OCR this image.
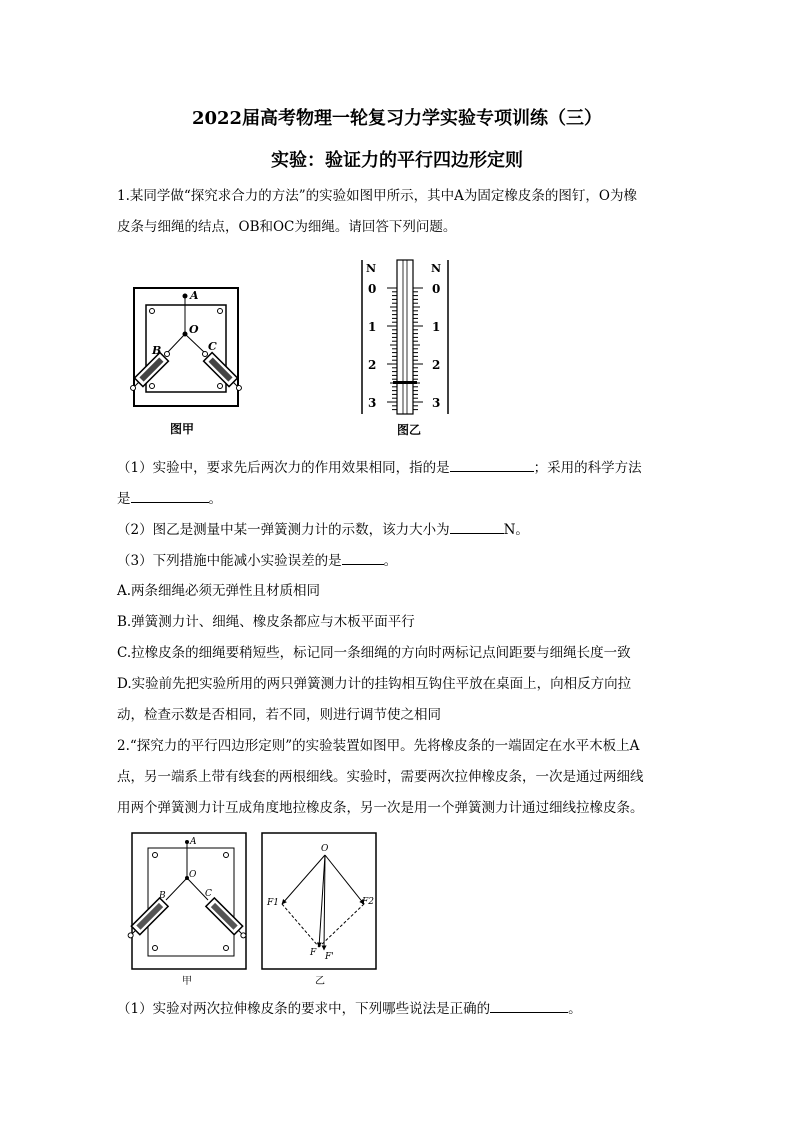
2022届高考物理一轮复习力学实验专项训练（三）
实验：验证力的平行四边形定则
1.某同学做“探究求合力的方法”的实验如图甲所示，其中A为固定橡皮条的图钉，O为橡
皮条与细绳的结点，OB和OC为细绳。请回答下列问题。
A
O
B	C
图甲
N	N
0	0
1	1
2	2
3	3
图乙
（1）实验中，要求先后两次力的作用效果相同，指的是	；采用的科学方法
是	。
（2）图乙是测量中某一弹簧测力计的示数，该力大小为	N。
（3）下列措施中能减小实验误差的是	。
A.两条细绳必须无弹性且材质相同
B.弹簧测力计、细绳、橡皮条都应与木板平面平行
C.拉橡皮条的细绳要稍短些，标记同一条细绳的方向时两标记点间距要与细绳长度一致
D.实验前先把实验所用的两只弹簧测力计的挂钩相互钩住平放在桌面上，向相反方向拉
动，检查示数是否相同，若不同，则进行调节使之相同
2.“探究力的平行四边形定则”的实验装置如图甲。先将橡皮条的一端固定在水平木板上A
点，另一端系上带有线套的两根细线。实验时，需要两次拉伸橡皮条，一次是通过两细线
用两个弹簧测力计互成角度地拉橡皮条，另一次是用一个弹簧测力计通过细线拉橡皮条。
A
O
B	C
甲
O
F1	F2
F F'
乙
（1）实验对两次拉伸橡皮条的要求中，下列哪些说法是正确的	。
